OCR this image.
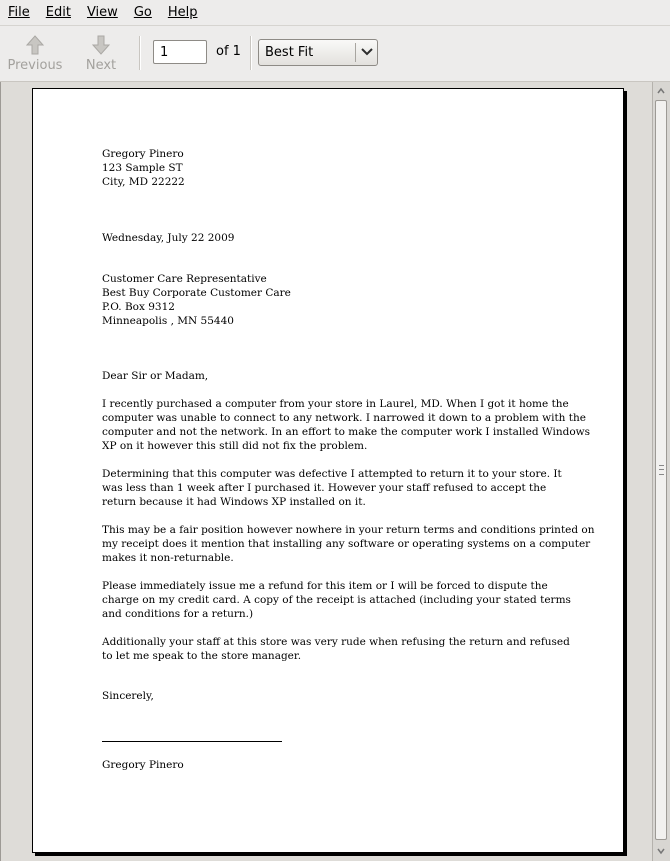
File	Edit	View	Go	Help
Previous	Next
1
of 1 Best Fit
Gregory Pinero
123 Sample ST
City, MD 22222
Wednesday, July 22 2009
Customer Care Representative
Best Buy Corporate Customer Care
P.O. Box 9312
Minneapolis , MN 55440
Dear Sir or Madam,
I recently purchased a computer from your store in Laurel, MD. When I got it home the
computer was unable to connect to any network. I narrowed it down to a problem with the
computer and not the network. In an effort to make the computer work I installed Windows
XP on it however this still did not fix the problem.
Determining that this computer was defective I attempted to return it to your store. It
was less than 1 week after I purchased it. However your staff refused to accept the
return because it had Windows XP installed on it.
This may be a fair position however nowhere in your return terms and conditions printed on
my receipt does it mention that installing any software or operating systems on a computer
makes it non-returnable.
Please immediately issue me a refund for this item or I will be forced to dispute the
charge on my credit card. A copy of the receipt is attached (including your stated terms
and conditions for a return.)
Additionally your staff at this store was very rude when refusing the return and refused
to let me speak to the store manager.
Sincerely,
Gregory Pinero
